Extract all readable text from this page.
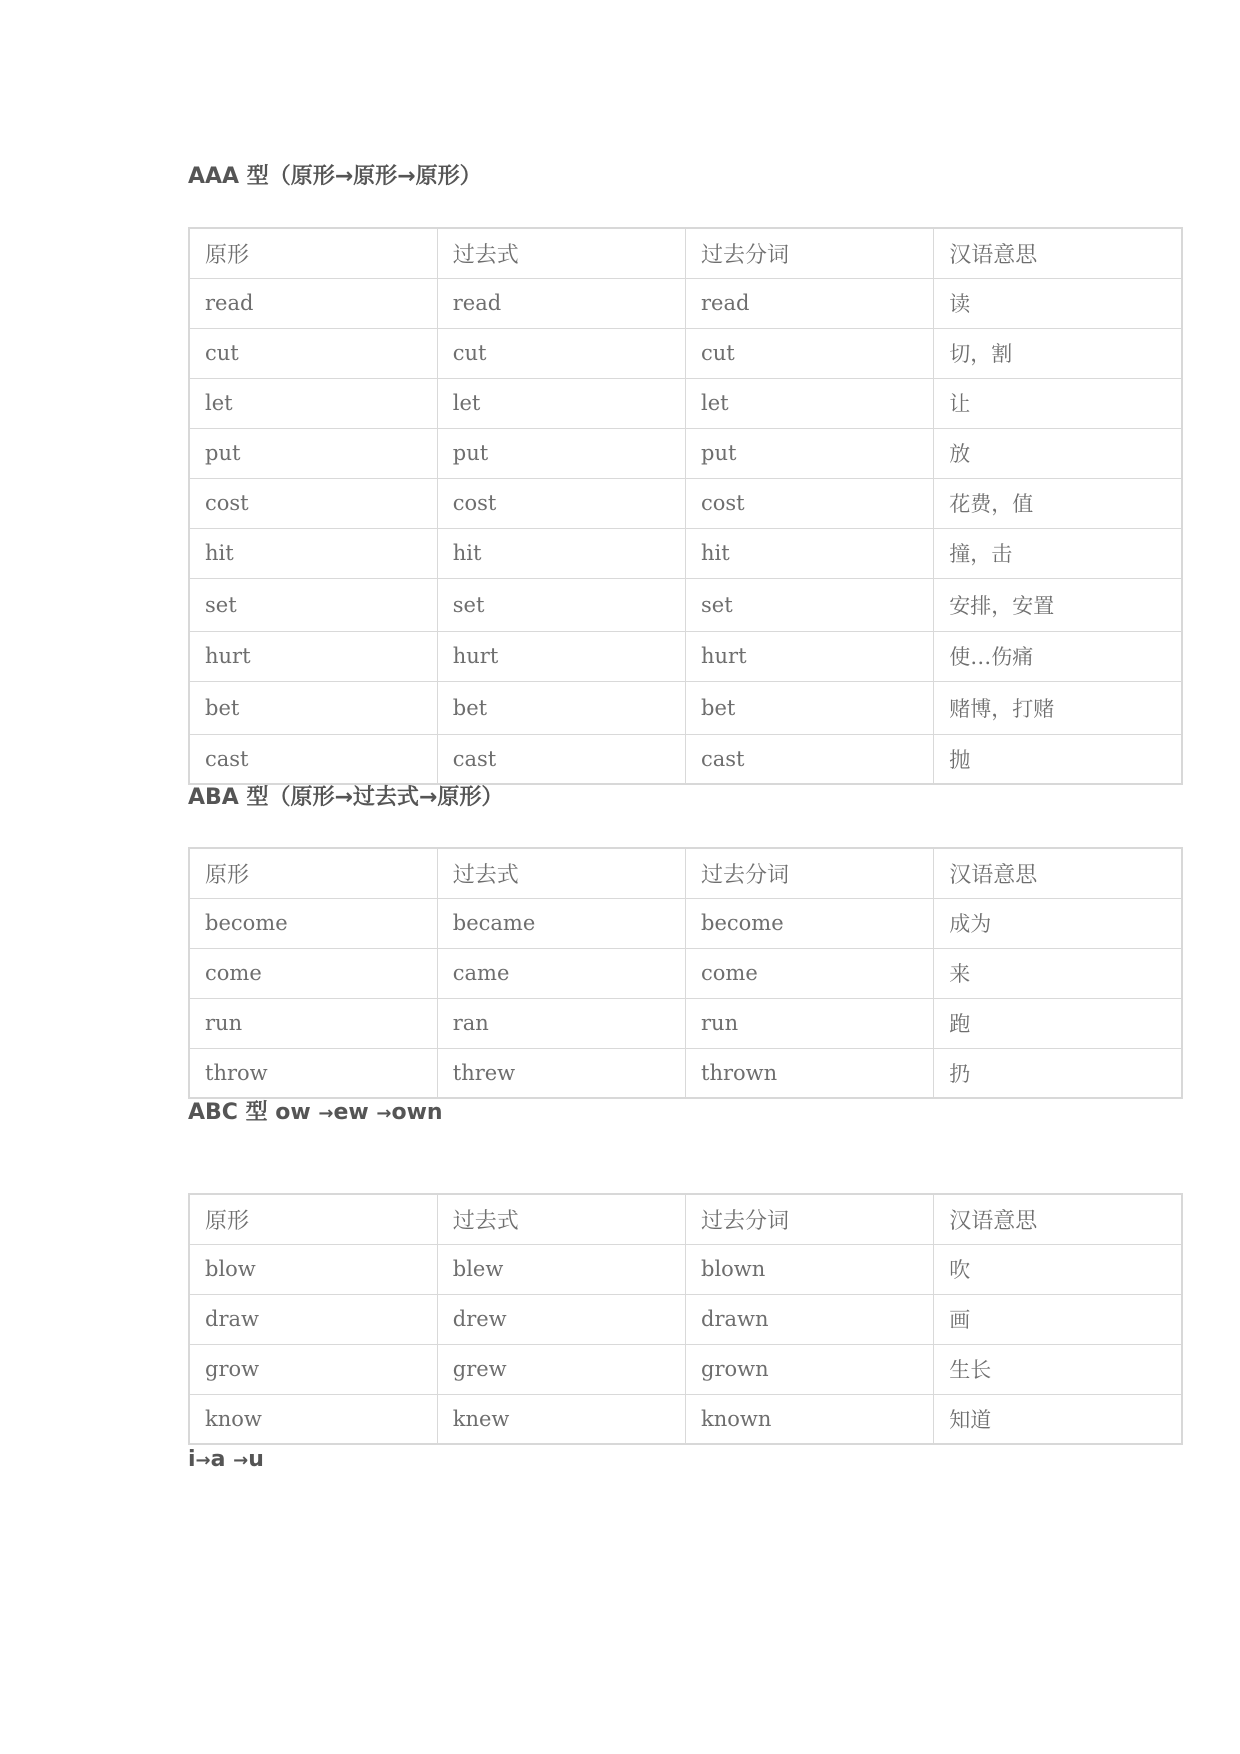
AAA 型（原形→原形→原形）
原形	过去式	过去分词	汉语意思
read	read	read	读
cut	cut	cut	切，割
let	let	let	让
put	put	put	放
cost	cost	cost	花费，值
hit	hit	hit	撞，击
set	set	set	安排，安置
hurt	hurt	hurt	使…伤痛
bet	bet	bet	赌博，打赌
cast	cast	cast	抛
ABA 型（原形→过去式→原形）
原形	过去式	过去分词	汉语意思
become	became	become	成为
come	came	come	来
run	ran	run	跑
throw	threw	thrown	扔
ABC 型 ow →ew →own
原形	过去式	过去分词	汉语意思
blow	blew	blown	吹
draw	drew	drawn	画
grow	grew	grown	生长
know	knew	known	知道
i→a →u
